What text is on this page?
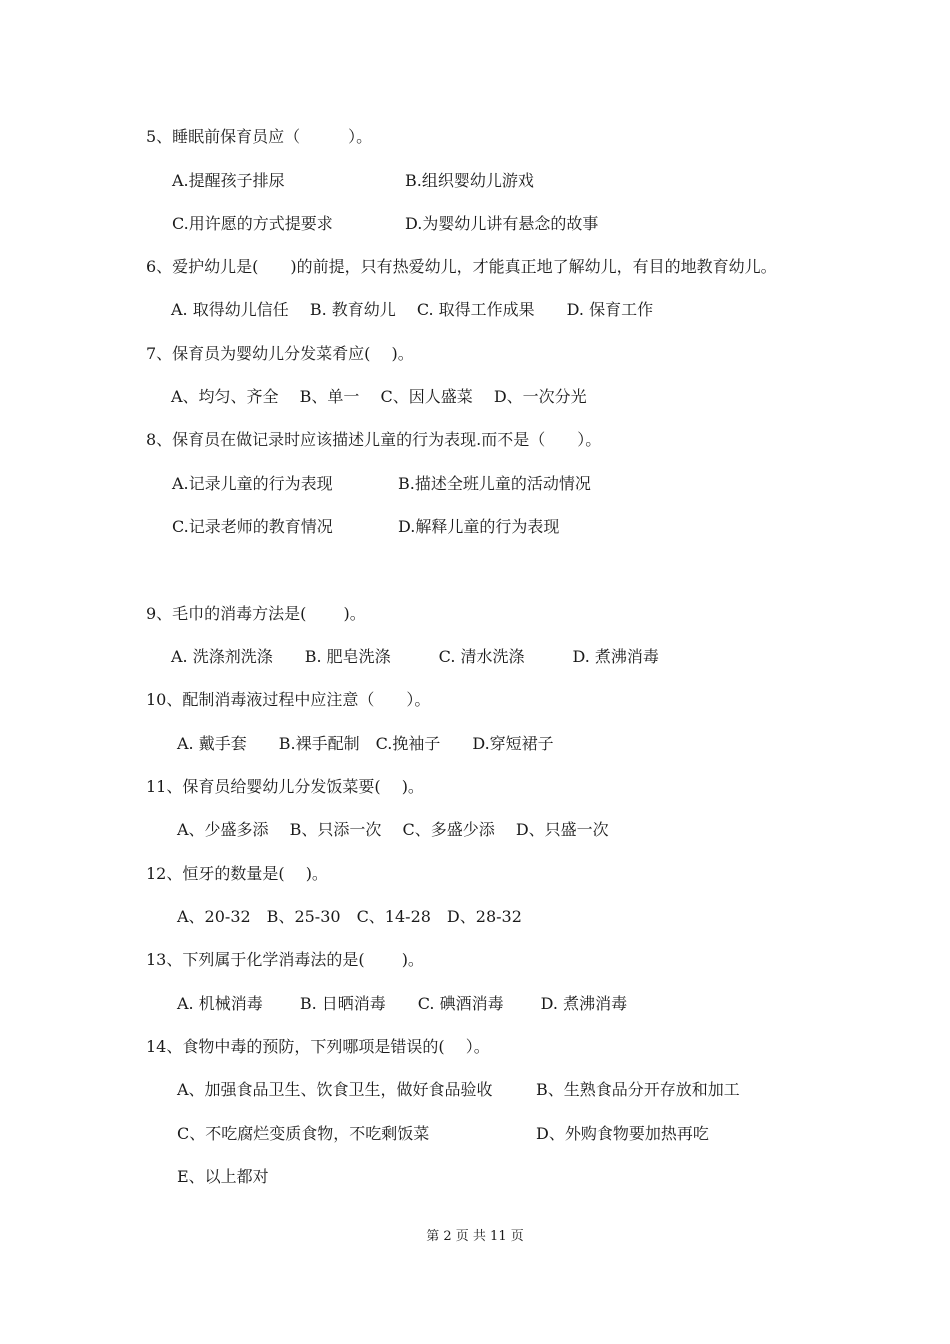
5、睡眠前保育员应（　　　）。
A.提醒孩子排尿	B.组织婴幼儿游戏
C.用许愿的方式提要求	D.为婴幼儿讲有悬念的故事
6、爱护幼儿是(　　)的前提，只有热爱幼儿，才能真正地了解幼儿，有目的地教育幼儿。
A. 取得幼儿信任　 B. 教育幼儿　 C. 取得工作成果　　D. 保育工作
7、保育员为婴幼儿分发菜肴应(　 )。
A、均匀、齐全　 B、单一　 C、因人盛菜　 D、一次分光
8、保育员在做记录时应该描述儿童的行为表现.而不是（　　）。
A.记录儿童的行为表现	B.描述全班儿童的活动情况
C.记录老师的教育情况	D.解释儿童的行为表现
9、毛巾的消毒方法是(　　 )。
A. 洗涤剂洗涤　　B. 肥皂洗涤　　　C. 清水洗涤　　　D. 煮沸消毒
10、配制消毒液过程中应注意（　　）。
A. 戴手套　　B.裸手配制　C.挽袖子　　D.穿短裙子
11、保育员给婴幼儿分发饭菜要(　 )。
A、少盛多添　 B、只添一次　 C、多盛少添　 D、只盛一次
12、恒牙的数量是(　 )。
A、20-32　B、25-30　C、14-28　D、28-32
13、下列属于化学消毒法的是(　　 )。
A. 机械消毒　　 B. 日晒消毒　　C. 碘酒消毒　　 D. 煮沸消毒
14、食物中毒的预防，下列哪项是错误的(　 ）。
A、加强食品卫生、饮食卫生，做好食品验收	B、生熟食品分开存放和加工
C、不吃腐烂变质食物，不吃剩饭菜	D、外购食物要加热再吃
E、以上都对
第 2 页 共 11 页
